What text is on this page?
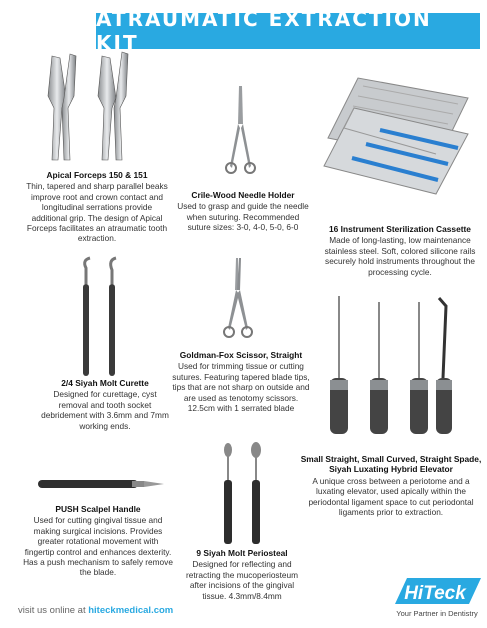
ATRAUMATIC EXTRACTION KIT
Apical Forceps 150 & 151
Thin, tapered and sharp parallel beaks improve root and crown contact and longitudinal serrations provide additional grip. The design of Apical Forceps facilitates an atraumatic tooth extraction.
Crile-Wood Needle Holder
Used to grasp and guide the needle when suturing. Recommended suture sizes: 3-0, 4-0, 5-0, 6-0	16 Instrument Sterilization Cassette
Made of long-lasting, low maintenance stainless steel. Soft, colored silicone rails securely hold instruments throughout the processing cycle.
2/4 Siyah Molt Curette
Designed for curettage, cyst removal and tooth socket debridement with 3.6mm and 7mm working ends.
Goldman-Fox Scissor, Straight
Used for trimming tissue or cutting sutures. Featuring tapered blade tips, tips that are not sharp on outside and are used as tenotomy scissors. 12.5cm with 1 serrated blade
Small Straight, Small Curved, Straight Spade, Siyah Luxating Hybrid Elevator
A unique cross between a periotome and a luxating elevator, used apically within the periodontal ligament space to cut periodontal ligaments prior to extraction.
PUSH Scalpel Handle
Used for cutting gingival tissue and making surgical incisions. Provides greater rotational movement with fingertip control and enhances dexterity. Has a push mechanism to safely remove the blade.
9 Siyah Molt Periosteal
Designed for reflecting and retracting the mucoperiosteum after incisions of the gingival tissue. 4.3mm/8.4mm
visit us online at hiteckmedical.com
HiTeck
Your Partner in Dentistry
